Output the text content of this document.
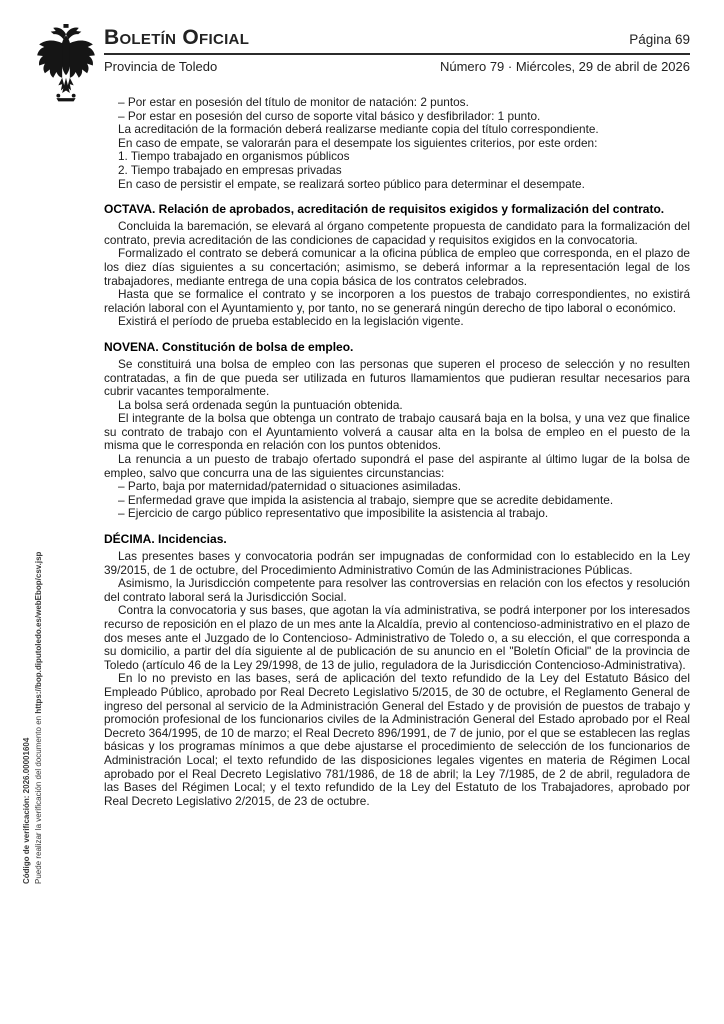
Código de verificación: 2026.00001604 Puede realizar la verificación del documento en https://bop.diputoledo.es/webEbop/csv.jsp
Boletín Oficial	Página 69
Provincia de Toledo	Número 79 · Miércoles, 29 de abril de 2026
– Por estar en posesión del título de monitor de natación: 2 puntos.
– Por estar en posesión del curso de soporte vital básico y desfibrilador: 1 punto.
La acreditación de la formación deberá realizarse mediante copia del título correspondiente.
En caso de empate, se valorarán para el desempate los siguientes criterios, por este orden:
1. Tiempo trabajado en organismos públicos
2. Tiempo trabajado en empresas privadas
En caso de persistir el empate, se realizará sorteo público para determinar el desempate.
OCTAVA. Relación de aprobados, acreditación de requisitos exigidos y formalización del contrato.
Concluida la baremación, se elevará al órgano competente propuesta de candidato para la formalización del contrato, previa acreditación de las condiciones de capacidad y requisitos exigidos en la convocatoria.
Formalizado el contrato se deberá comunicar a la oficina pública de empleo que corresponda, en el plazo de los diez días siguientes a su concertación; asimismo, se deberá informar a la representación legal de los trabajadores, mediante entrega de una copia básica de los contratos celebrados.
Hasta que se formalice el contrato y se incorporen a los puestos de trabajo correspondientes, no existirá relación laboral con el Ayuntamiento y, por tanto, no se generará ningún derecho de tipo laboral o económico.
Existirá el período de prueba establecido en la legislación vigente.
NOVENA. Constitución de bolsa de empleo.
Se constituirá una bolsa de empleo con las personas que superen el proceso de selección y no resulten contratadas, a fin de que pueda ser utilizada en futuros llamamientos que pudieran resultar necesarios para cubrir vacantes temporalmente.
La bolsa será ordenada según la puntuación obtenida.
El integrante de la bolsa que obtenga un contrato de trabajo causará baja en la bolsa, y una vez que finalice su contrato de trabajo con el Ayuntamiento volverá a causar alta en la bolsa de empleo en el puesto de la misma que le corresponda en relación con los puntos obtenidos.
La renuncia a un puesto de trabajo ofertado supondrá el pase del aspirante al último lugar de la bolsa de empleo, salvo que concurra una de las siguientes circunstancias:
– Parto, baja por maternidad/paternidad o situaciones asimiladas.
– Enfermedad grave que impida la asistencia al trabajo, siempre que se acredite debidamente.
– Ejercicio de cargo público representativo que imposibilite la asistencia al trabajo.
DÉCIMA. Incidencias.
Las presentes bases y convocatoria podrán ser impugnadas de conformidad con lo establecido en la Ley 39/2015, de 1 de octubre, del Procedimiento Administrativo Común de las Administraciones Públicas.
Asimismo, la Jurisdicción competente para resolver las controversias en relación con los efectos y resolución del contrato laboral será la Jurisdicción Social.
Contra la convocatoria y sus bases, que agotan la vía administrativa, se podrá interponer por los interesados recurso de reposición en el plazo de un mes ante la Alcaldía, previo al contencioso-administrativo en el plazo de dos meses ante el Juzgado de lo Contencioso- Administrativo de Toledo o, a su elección, el que corresponda a su domicilio, a partir del día siguiente al de publicación de su anuncio en el "Boletín Oficial" de la provincia de Toledo (artículo 46 de la Ley 29/1998, de 13 de julio, reguladora de la Jurisdicción Contencioso-Administrativa).
En lo no previsto en las bases, será de aplicación del texto refundido de la Ley del Estatuto Básico del Empleado Público, aprobado por Real Decreto Legislativo 5/2015, de 30 de octubre, el Reglamento General de ingreso del personal al servicio de la Administración General del Estado y de provisión de puestos de trabajo y promoción profesional de los funcionarios civiles de la Administración General del Estado aprobado por el Real Decreto 364/1995, de 10 de marzo; el Real Decreto 896/1991, de 7 de junio, por el que se establecen las reglas básicas y los programas mínimos a que debe ajustarse el procedimiento de selección de los funcionarios de Administración Local; el texto refundido de las disposiciones legales vigentes en materia de Régimen Local aprobado por el Real Decreto Legislativo 781/1986, de 18 de abril; la Ley 7/1985, de 2 de abril, reguladora de las Bases del Régimen Local; y el texto refundido de la Ley del Estatuto de los Trabajadores, aprobado por Real Decreto Legislativo 2/2015, de 23 de octubre.
